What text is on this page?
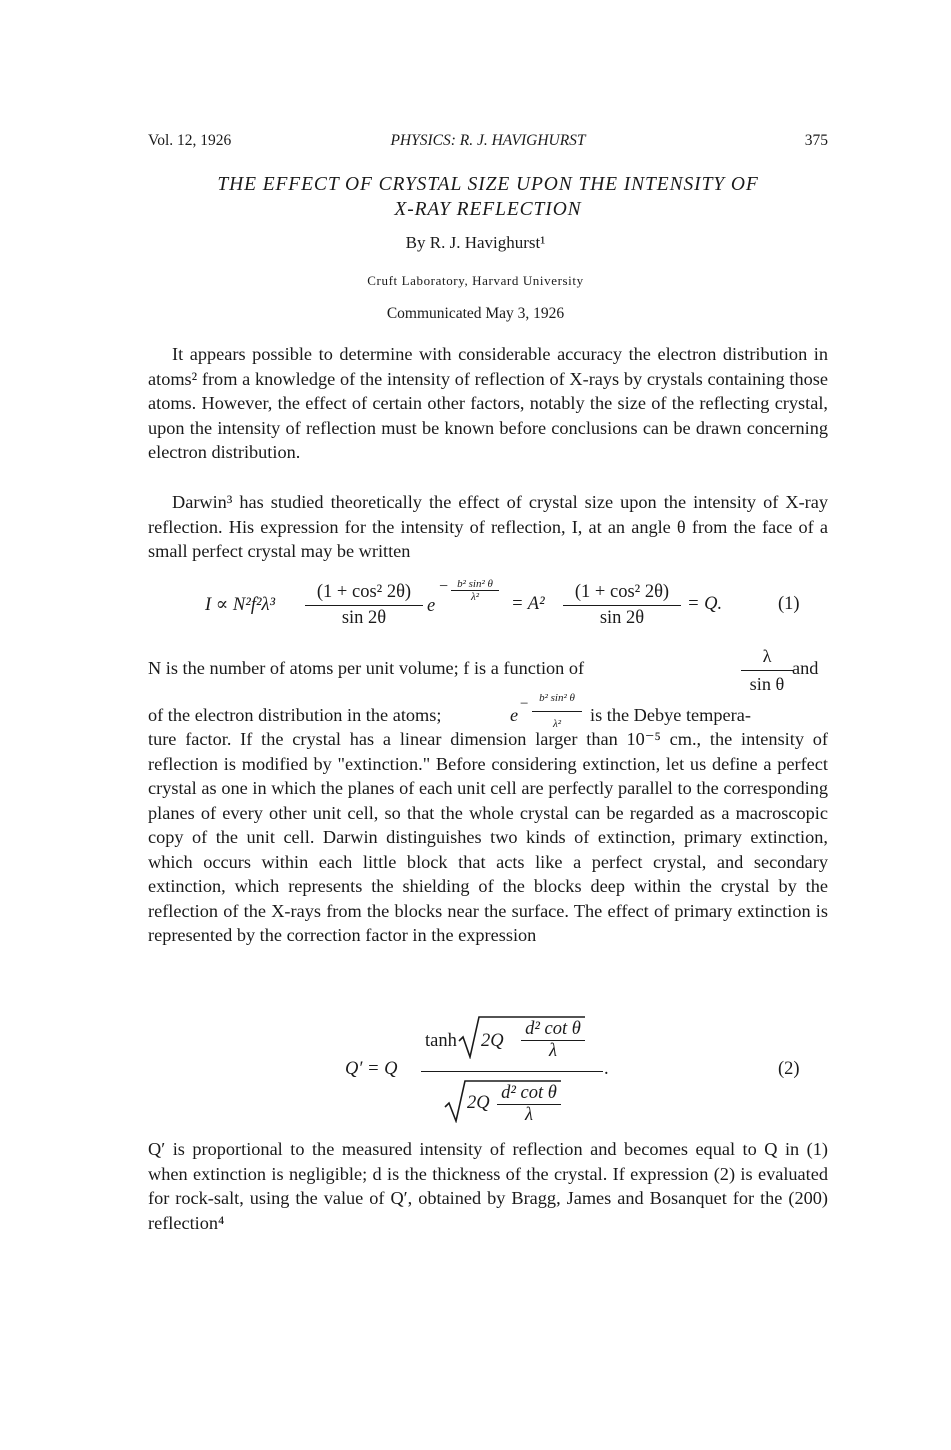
Vol. 12, 1926	PHYSICS: R. J. HAVIGHURST	375
THE EFFECT OF CRYSTAL SIZE UPON THE INTENSITY OF
X-RAY REFLECTION
By R. J. Havighurst¹
Cruft Laboratory, Harvard University
Communicated May 3, 1926
It appears possible to determine with considerable accuracy the electron distribution in atoms² from a knowledge of the intensity of reflection of X-rays by crystals containing those atoms. However, the effect of certain other factors, notably the size of the reflecting crystal, upon the intensity of reflection must be known before conclusions can be drawn concerning electron distribution.
Darwin³ has studied theoretically the effect of crystal size upon the intensity of X-ray reflection. His expression for the intensity of reflection, I, at an angle θ from the face of a small perfect crystal may be written
I ∝ N²f²λ³
(1 + cos² 2θ)
sin 2θ
e
− b² sin² θ
λ²	= A²
(1 + cos² 2θ)
sin 2θ
= Q.	(1)
N is the number of atoms per unit volume; f is a function of
λ
sin θ
and
of the electron distribution in the atoms;	e
− b² sin² θ
λ²	is the Debye tempera-
ture factor. If the crystal has a linear dimension larger than 10⁻⁵ cm., the intensity of reflection is modified by "extinction." Before considering extinction, let us define a perfect crystal as one in which the planes of each unit cell are perfectly parallel to the corresponding planes of every other unit cell, so that the whole crystal can be regarded as a macroscopic copy of the unit cell. Darwin distinguishes two kinds of extinction, primary extinction, which occurs within each little block that acts like a perfect crystal, and secondary extinction, which represents the shielding of the blocks deep within the crystal by the reflection of the X-rays from the blocks near the surface. The effect of primary extinction is represented by the correction factor in the expression
Q′ = Q
tanh 2Q
d² cot θ
λ
.
2Q d² cot θ
λ
(2)
Q′ is proportional to the measured intensity of reflection and becomes equal to Q in (1) when extinction is negligible; d is the thickness of the crystal. If expression (2) is evaluated for rock-salt, using the value of Q′, obtained by Bragg, James and Bosanquet for the (200) reflection⁴
